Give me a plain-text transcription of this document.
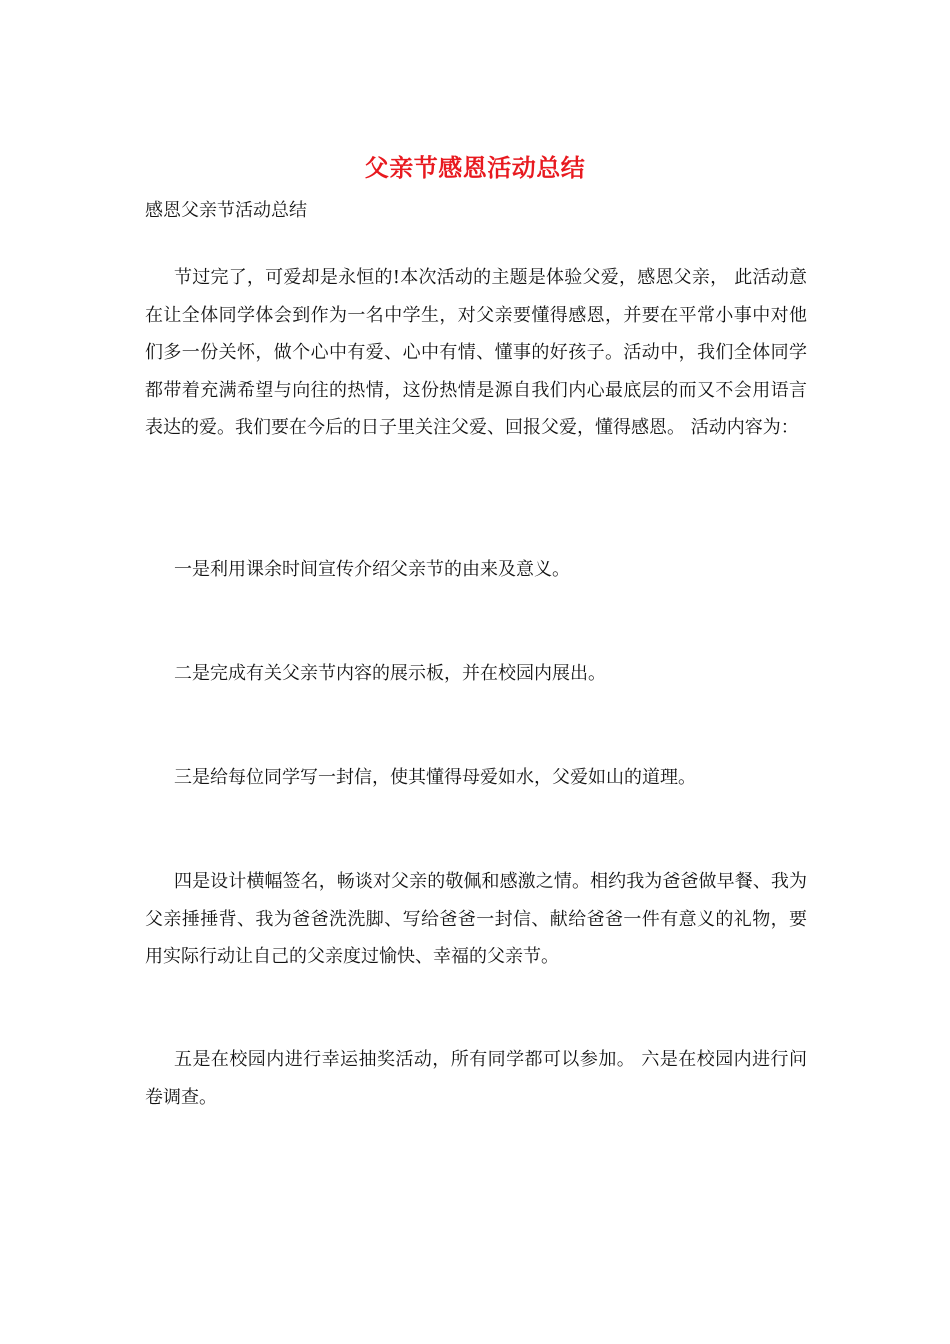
父亲节感恩活动总结
感恩父亲节活动总结

节过完了，可爱却是永恒的!本次活动的主题是体验父爱，感恩父亲， 此活动意在让全体同学体会到作为一名中学生，对父亲要懂得感恩，并要在平常小事中对他们多一份关怀，做个心中有爱、心中有情、懂事的好孩子。活动中，我们全体同学都带着充满希望与向往的热情，这份热情是源自我们内心最底层的而又不会用语言表达的爱。我们要在今后的日子里关注父爱、回报父爱，懂得感恩。 活动内容为：

一是利用课余时间宣传介绍父亲节的由来及意义。

二是完成有关父亲节内容的展示板，并在校园内展出。

三是给每位同学写一封信，使其懂得母爱如水，父爱如山的道理。

四是设计横幅签名，畅谈对父亲的敬佩和感激之情。相约我为爸爸做早餐、我为父亲捶捶背、我为爸爸洗洗脚、写给爸爸一封信、献给爸爸一件有意义的礼物，要用实际行动让自己的父亲度过愉快、幸福的父亲节。

五是在校园内进行幸运抽奖活动，所有同学都可以参加。 六是在校园内进行问卷调查。
